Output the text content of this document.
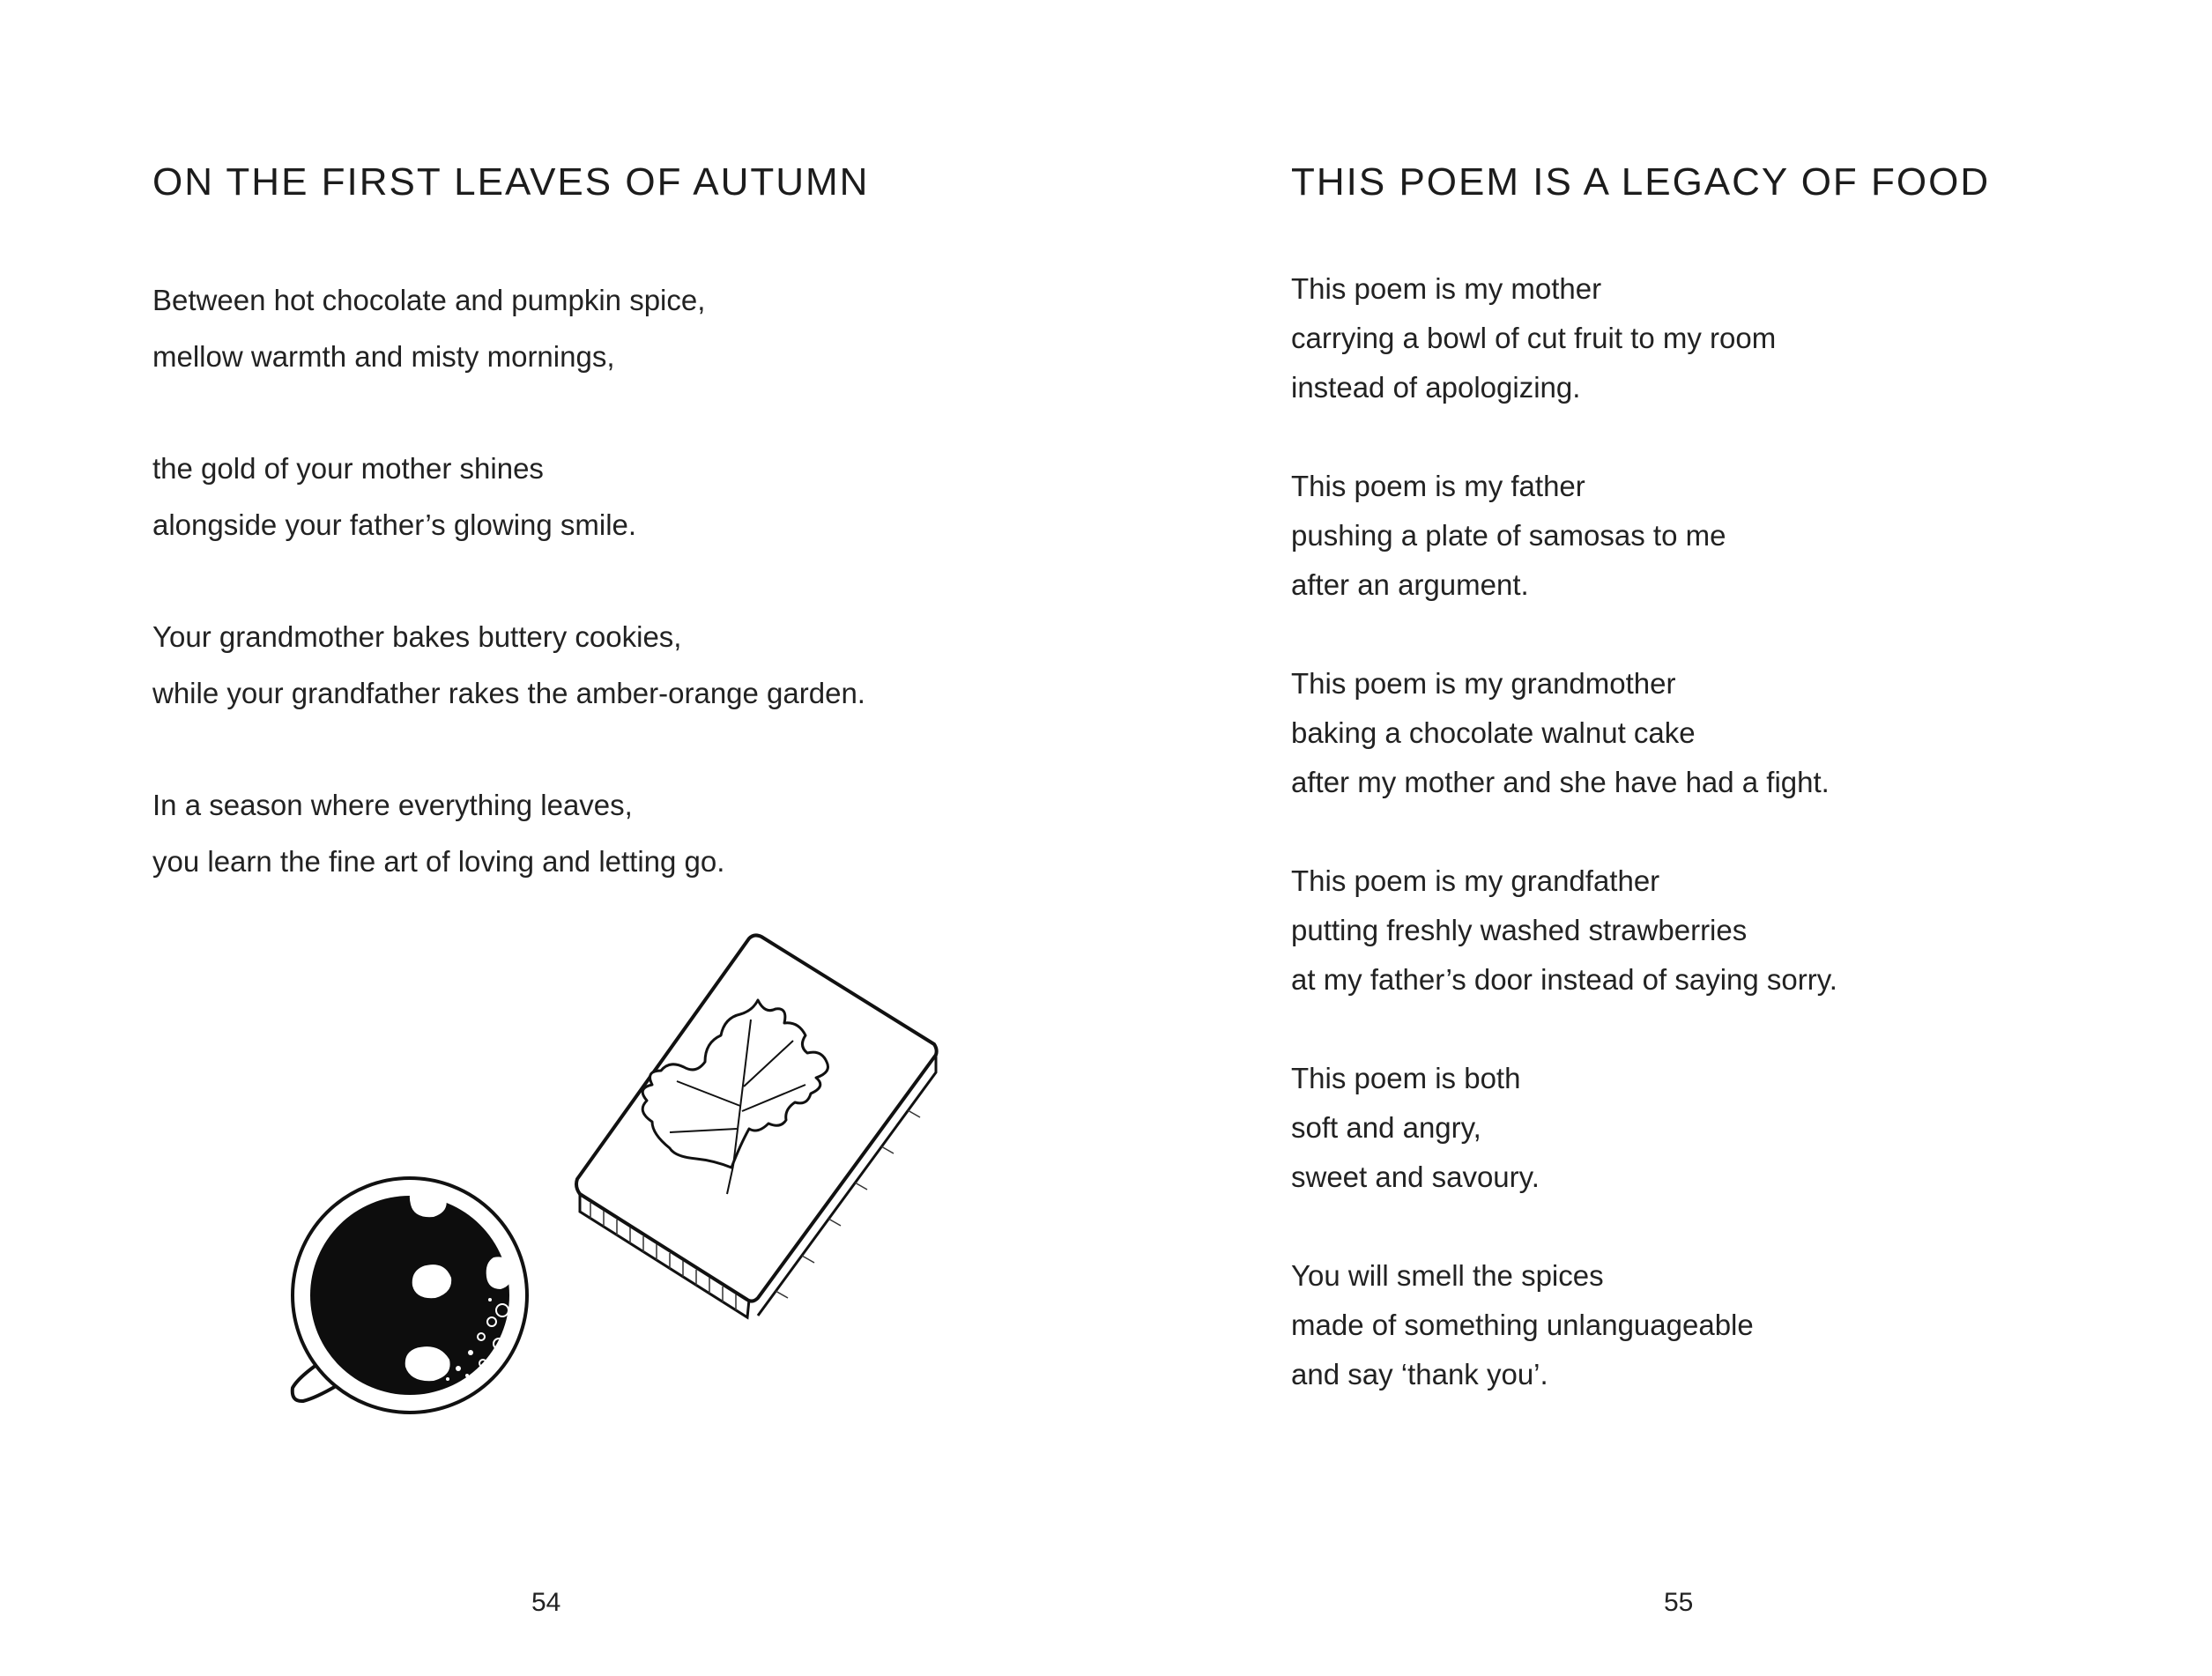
ON THE FIRST LEAVES OF AUTUMN
Between hot chocolate and pumpkin spice,
mellow warmth and misty mornings,
the gold of your mother shines
alongside your father’s glowing smile.
Your grandmother bakes buttery cookies,
while your grandfather rakes the amber-orange garden.
In a season where everything leaves,
you learn the fine art of loving and letting go.
54
THIS POEM IS A LEGACY OF FOOD
This poem is my mother
carrying a bowl of cut fruit to my room
instead of apologizing.
This poem is my father
pushing a plate of samosas to me
after an argument.
This poem is my grandmother
baking a chocolate walnut cake
after my mother and she have had a fight.
This poem is my grandfather
putting freshly washed strawberries
at my father’s door instead of saying sorry.
This poem is both
soft and angry,
sweet and savoury.
You will smell the spices
made of something unlanguageable
and say ‘thank you’.
55
